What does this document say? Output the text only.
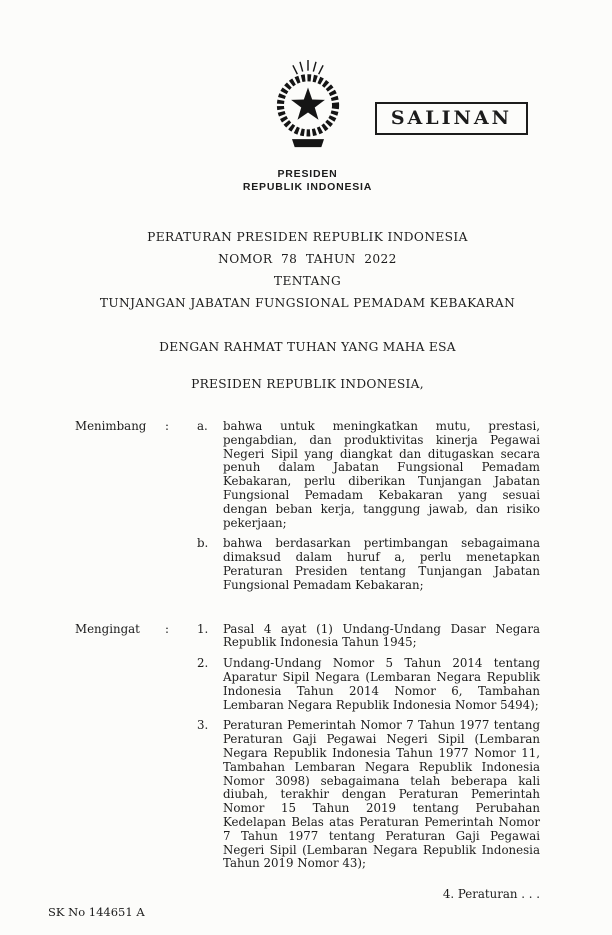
SALINAN
PRESIDEN
REPUBLIK INDONESIA
PERATURAN PRESIDEN REPUBLIK INDONESIA
NOMOR  78  TAHUN  2022
TENTANG
TUNJANGAN JABATAN FUNGSIONAL PEMADAM KEBAKARAN
DENGAN RAHMAT TUHAN YANG MAHA ESA
PRESIDEN REPUBLIK INDONESIA,
Menimbang	:	a.	bahwa untuk meningkatkan mutu, prestasi, pengabdian, dan produktivitas kinerja Pegawai Negeri Sipil yang diangkat dan ditugaskan secara penuh dalam Jabatan Fungsional Pemadam Kebakaran, perlu diberikan Tunjangan Jabatan Fungsional Pemadam Kebakaran yang sesuai dengan beban kerja, tanggung jawab, dan risiko pekerjaan;
b.	bahwa berdasarkan pertimbangan sebagaimana dimaksud dalam huruf a, perlu menetapkan Peraturan Presiden tentang Tunjangan Jabatan Fungsional Pemadam Kebakaran;
Mengingat	:	1.	Pasal 4 ayat (1) Undang-Undang Dasar Negara Republik Indonesia Tahun 1945;
2.	Undang-Undang Nomor 5 Tahun 2014 tentang Aparatur Sipil Negara (Lembaran Negara Republik Indonesia Tahun 2014 Nomor 6, Tambahan Lembaran Negara Republik Indonesia Nomor 5494);
3.	Peraturan Pemerintah Nomor 7 Tahun 1977 tentang Peraturan Gaji Pegawai Negeri Sipil (Lembaran Negara Republik Indonesia Tahun 1977 Nomor 11, Tambahan Lembaran Negara Republik Indonesia Nomor 3098) sebagaimana telah beberapa kali diubah, terakhir dengan Peraturan Pemerintah Nomor 15 Tahun 2019 tentang Perubahan Kedelapan Belas atas Peraturan Pemerintah Nomor 7 Tahun 1977 tentang Peraturan Gaji Pegawai Negeri Sipil (Lembaran Negara Republik Indonesia Tahun 2019 Nomor 43);
4. Peraturan . . .
SK No 144651 A
